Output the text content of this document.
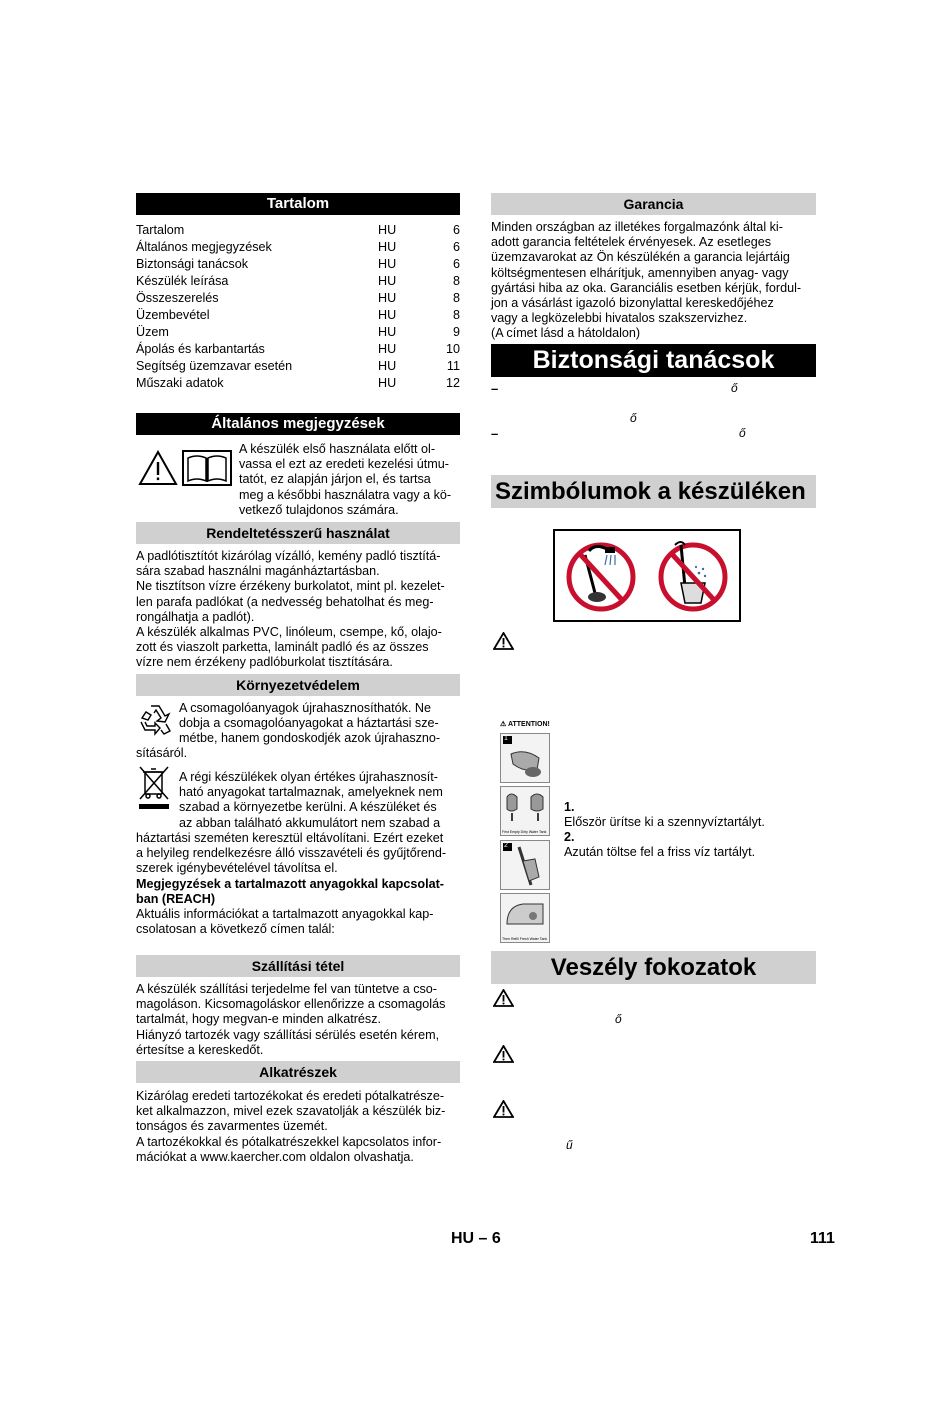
Tartalom
Tartalom	HU	6
Általános megjegyzések	HU	6
Biztonsági tanácsok	HU	6
Készülék leírása	HU	8
Összeszerelés	HU	8
Üzembevétel	HU	8
Üzem	HU	9
Ápolás és karbantartás	HU	10
Segítség üzemzavar esetén	HU	11
Műszaki adatok	HU	12
Általános megjegyzések
A készülék első használata előtt ol-
vassa el ezt az eredeti kezelési útmu-
tatót, ez alapján járjon el, és tartsa
meg a későbbi használatra vagy a kö-
vetkező tulajdonos számára.
Rendeltetésszerű használat
A padlótisztítót kizárólag vízálló, kemény padló tisztítá-
sára szabad használni magánháztartásban.
Ne tisztítson vízre érzékeny burkolatot, mint pl. kezelet-
len parafa padlókat (a nedvesség behatolhat és meg-
rongálhatja a padlót).
A készülék alkalmas PVC, linóleum, csempe, kő, olajo-
zott és viaszolt parketta, laminált padló és az összes
vízre nem érzékeny padlóburkolat tisztítására.
Környezetvédelem
A csomagolóanyagok újrahasznosíthatók. Ne
dobja a csomagolóanyagokat a háztartási sze-
métbe, hanem gondoskodjék azok újrahaszno-
sításáról.
A régi készülékek olyan értékes újrahasznosít-
ható anyagokat tartalmaznak, amelyeknek nem
szabad a környezetbe kerülni. A készüléket és
az abban található akkumulátort nem szabad a
háztartási szeméten keresztül eltávolítani. Ezért ezeket
a helyileg rendelkezésre álló visszavételi és gyűjtőrend-
szerek igénybevételével távolítsa el.
Megjegyzések a tartalmazott anyagokkal kapcsolat-
ban (REACH)
Aktuális információkat a tartalmazott anyagokkal kap-
csolatosan a következő címen talál:
Szállítási tétel
A készülék szállítási terjedelme fel van tüntetve a cso-
magoláson. Kicsomagoláskor ellenőrizze a csomagolás
tartalmát, hogy megvan-e minden alkatrész.
Hiányzó tartozék vagy szállítási sérülés esetén kérem,
értesítse a kereskedőt.
Alkatrészek
Kizárólag eredeti tartozékokat és eredeti pótalkatrésze-
ket alkalmazzon, mivel ezek szavatolják a készülék biz-
tonságos és zavarmentes üzemét.
A tartozékokkal és pótalkatrészekkel kapcsolatos infor-
mációkat a www.kaercher.com oldalon olvashatja.
Garancia
Minden országban az illetékes forgalmazónk által ki-
adott garancia feltételek érvényesek. Az esetleges
üzemzavarokat az Ön készülékén a garancia lejártáig
költségmentesen elhárítjuk, amennyiben anyag- vagy
gyártási hiba az oka. Garanciális esetben kérjük, fordul-
jon a vásárlást igazoló bizonylattal kereskedőjéhez
vagy a legközelebbi hivatalos szakszervizhez.
(A címet lásd a hátoldalon)
Biztonsági tanácsok
–	ő
ő
–	ő
Szimbólumok a készüléken
⚠ ATTENTION!
1
First Empty Dirty Water Tank
2
Then Refill Fresh Water Tank
1.
Először ürítse ki a szennyvíztartályt.
2.
Azután töltse fel a friss víz tartályt.
Veszély fokozatok
ő
ű
HU – 6	111
